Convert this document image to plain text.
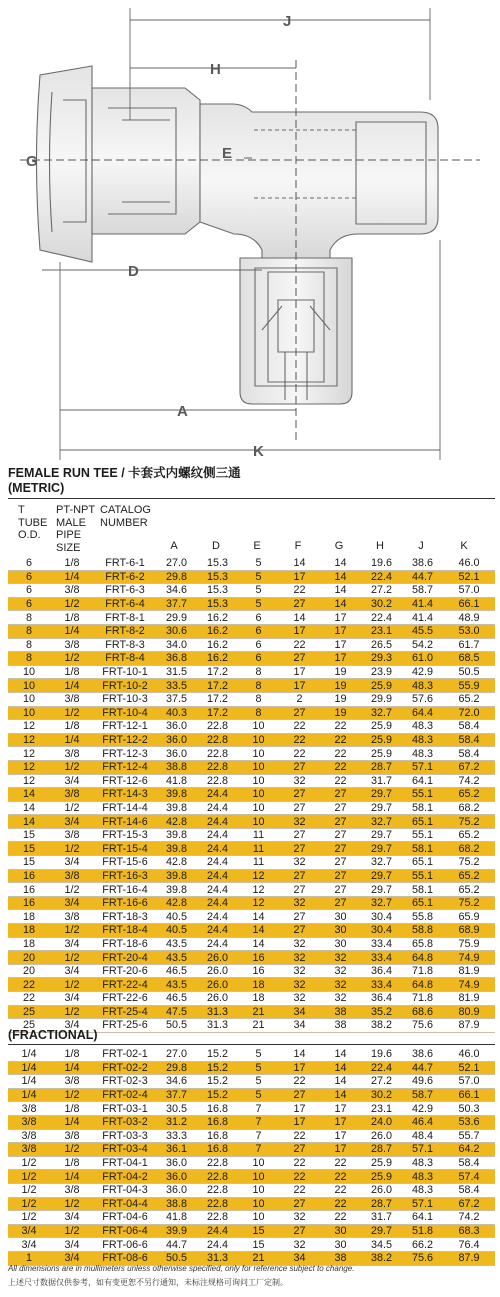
J
H
G	E
D
A
K
FEMALE RUN TEE / 卡套式内螺纹侧三通
(METRIC)
T
TUBE
O.D.
PT-NPT
MALE
PIPE
SIZE
CATALOG
NUMBER
A	D	E	F	G	H	J	K
6	1/8	FRT-6-1	27.0	15.3	5	14	14	19.6	38.6	46.0
6	1/4	FRT-6-2	29.8	15.3	5	17	14	22.4	44.7	52.1
6	3/8	FRT-6-3	34.6	15.3	5	22	14	27.2	58.7	57.0
6	1/2	FRT-6-4	37.7	15.3	5	27	14	30.2	41.4	66.1
8	1/8	FRT-8-1	29.9	16.2	6	14	17	22.4	41.4	48.9
8	1/4	FRT-8-2	30.6	16.2	6	17	17	23.1	45.5	53.0
8	3/8	FRT-8-3	34.0	16.2	6	22	17	26.5	54.2	61.7
8	1/2	FRT-8-4	36.8	16.2	6	27	17	29.3	61.0	68.5
10	1/8	FRT-10-1	31.5	17.2	8	17	19	23.9	42.9	50.5
10	1/4	FRT-10-2	33.5	17.2	8	17	19	25.9	48.3	55.9
10	3/8	FRT-10-3	37.5	17.2	8	2	19	29.9	57.6	65.2
10	1/2	FRT-10-4	40.3	17.2	8	27	19	32.7	64.4	72.0
12	1/8	FRT-12-1	36.0	22.8	10	22	22	25.9	48.3	58.4
12	1/4	FRT-12-2	36.0	22.8	10	22	22	25.9	48.3	58.4
12	3/8	FRT-12-3	36.0	22.8	10	22	22	25.9	48.3	58.4
12	1/2	FRT-12-4	38.8	22.8	10	27	22	28.7	57.1	67.2
12	3/4	FRT-12-6	41.8	22.8	10	32	22	31.7	64.1	74.2
14	3/8	FRT-14-3	39.8	24.4	10	27	27	29.7	55.1	65.2
14	1/2	FRT-14-4	39.8	24.4	10	27	27	29.7	58.1	68.2
14	3/4	FRT-14-6	42.8	24.4	10	32	27	32.7	65.1	75.2
15	3/8	FRT-15-3	39.8	24.4	11	27	27	29.7	55.1	65.2
15	1/2	FRT-15-4	39.8	24.4	11	27	27	29.7	58.1	68.2
15	3/4	FRT-15-6	42.8	24.4	11	32	27	32.7	65.1	75.2
16	3/8	FRT-16-3	39.8	24.4	12	27	27	29.7	55.1	65.2
16	1/2	FRT-16-4	39.8	24.4	12	27	27	29.7	58.1	65.2
16	3/4	FRT-16-6	42.8	24.4	12	32	27	32.7	65.1	75.2
18	3/8	FRT-18-3	40.5	24.4	14	27	30	30.4	55.8	65.9
18	1/2	FRT-18-4	40.5	24.4	14	27	30	30.4	58.8	68.9
18	3/4	FRT-18-6	43.5	24.4	14	32	30	33.4	65.8	75.9
20	1/2	FRT-20-4	43.5	26.0	16	32	32	33.4	64.8	74.9
20	3/4	FRT-20-6	46.5	26.0	16	32	32	36.4	71.8	81.9
22	1/2	FRT-22-4	43.5	26.0	18	32	32	33.4	64.8	74.9
22	3/4	FRT-22-6	46.5	26.0	18	32	32	36.4	71.8	81.9
25	1/2	FRT-25-4	47.5	31.3	21	34	38	35.2	68.6	80.9
25	3/4	FRT-25-6	50.5	31.3	21	34	38	38.2	75.6	87.9
(FRACTIONAL)
1/4	1/8	FRT-02-1	27.0	15.2	5	14	14	19.6	38.6	46.0
1/4	1/4	FRT-02-2	29.8	15.2	5	17	14	22.4	44.7	52.1
1/4	3/8	FRT-02-3	34.6	15.2	5	22	14	27.2	49.6	57.0
1/4	1/2	FRT-02-4	37.7	15.2	5	27	14	30.2	58.7	66.1
3/8	1/8	FRT-03-1	30.5	16.8	7	17	17	23.1	42.9	50.3
3/8	1/4	FRT-03-2	31.2	16.8	7	17	17	24.0	46.4	53.6
3/8	3/8	FRT-03-3	33.3	16.8	7	22	17	26.0	48.4	55.7
3/8	1/2	FRT-03-4	36.1	16.8	7	27	17	28.7	57.1	64.2
1/2	1/8	FRT-04-1	36.0	22.8	10	22	22	25.9	48.3	58.4
1/2	1/4	FRT-04-2	36.0	22.8	10	22	22	25.9	48.3	57.4
1/2	3/8	FRT-04-3	36.0	22.8	10	22	22	26.0	48.3	58.4
1/2	1/2	FRT-04-4	38.8	22.8	10	27	22	28.7	57.1	67.2
1/2	3/4	FRT-04-6	41.8	22.8	10	32	22	31.7	64.1	74.2
3/4	1/2	FRT-06-4	39.9	24.4	15	27	30	29.7	51.8	68.3
3/4	3/4	FRT-06-6	44.7	24.4	15	32	30	34.5	66.2	76.4
1	3/4	FRT-08-6	50.5	31.3	21	34	38	38.2	75.6	87.9
All dimensions are in mullimeters unless otherwise specified, only for reference subject to change.
上述尺寸数据仅供参考，如有变更恕不另行通知，未标注规格可询问工厂定制。
